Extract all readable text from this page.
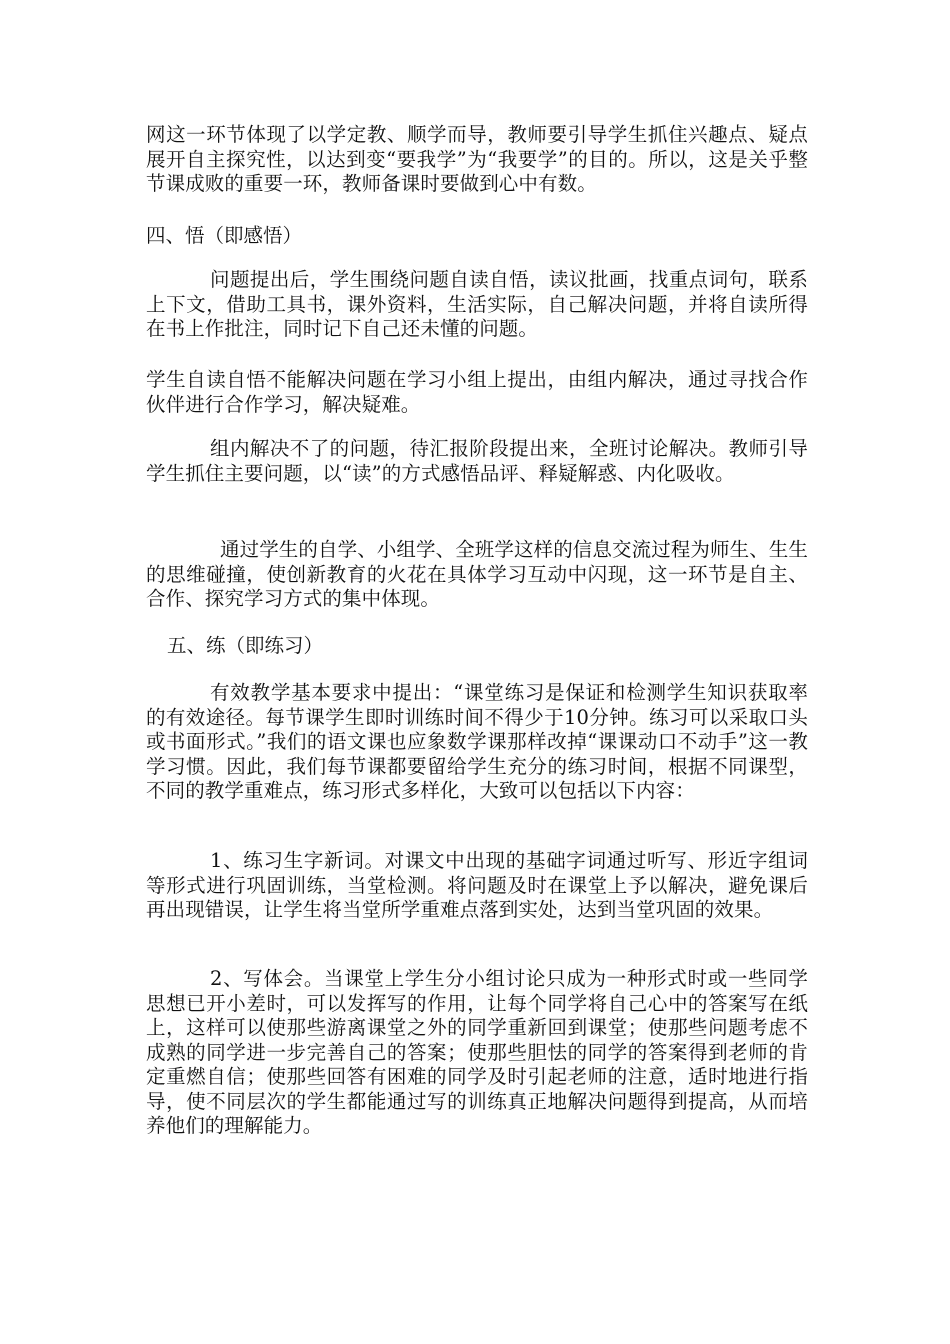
网这一环节体现了以学定教、顺学而导，教师要引导学生抓住兴趣点、疑点展开自主探究性，以达到变“要我学”为“我要学”的目的。所以，这是关乎整节课成败的重要一环，教师备课时要做到心中有数。

四、悟（即感悟）

问题提出后，学生围绕问题自读自悟，读议批画，找重点词句，联系上下文，借助工具书，课外资料，生活实际，自己解决问题，并将自读所得在书上作批注，同时记下自己还未懂的问题。

学生自读自悟不能解决问题在学习小组上提出，由组内解决，通过寻找合作伙伴进行合作学习，解决疑难。

组内解决不了的问题，待汇报阶段提出来，全班讨论解决。教师引导学生抓住主要问题，以“读”的方式感悟品评、释疑解惑、内化吸收。

通过学生的自学、小组学、全班学这样的信息交流过程为师生、生生的思维碰撞，使创新教育的火花在具体学习互动中闪现，这一环节是自主、合作、探究学习方式的集中体现。

五、练（即练习）

有效教学基本要求中提出：“课堂练习是保证和检测学生知识获取率的有效途径。每节课学生即时训练时间不得少于10分钟。练习可以采取口头或书面形式。”我们的语文课也应象数学课那样改掉“课课动口不动手”这一教学习惯。因此，我们每节课都要留给学生充分的练习时间，根据不同课型，不同的教学重难点，练习形式多样化，大致可以包括以下内容：

1、练习生字新词。对课文中出现的基础字词通过听写、形近字组词等形式进行巩固训练，当堂检测。将问题及时在课堂上予以解决，避免课后再出现错误，让学生将当堂所学重难点落到实处，达到当堂巩固的效果。

2、写体会。当课堂上学生分小组讨论只成为一种形式时或一些同学思想已开小差时，可以发挥写的作用，让每个同学将自己心中的答案写在纸上，这样可以使那些游离课堂之外的同学重新回到课堂；使那些问题考虑不成熟的同学进一步完善自己的答案；使那些胆怯的同学的答案得到老师的肯定重燃自信；使那些回答有困难的同学及时引起老师的注意，适时地进行指导，使不同层次的学生都能通过写的训练真正地解决问题得到提高，从而培养他们的理解能力。
